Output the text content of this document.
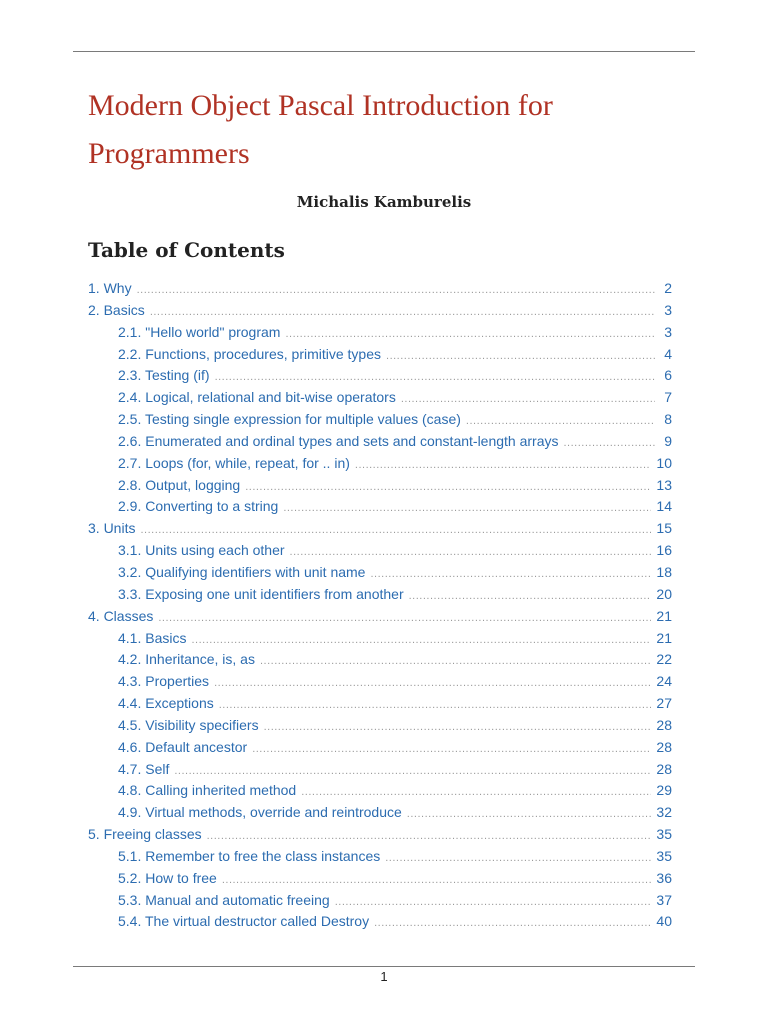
Modern Object Pascal Introduction for Programmers
Michalis Kamburelis
Table of Contents
1. Why .....	2
2. Basics .....	3
2.1. "Hello world" program .....	3
2.2. Functions, procedures, primitive types .....	4
2.3. Testing (if) .....	6
2.4. Logical, relational and bit-wise operators .....	7
2.5. Testing single expression for multiple values (case) .....	8
2.6. Enumerated and ordinal types and sets and constant-length arrays .....	9
2.7. Loops (for, while, repeat, for .. in) .....	10
2.8. Output, logging .....	13
2.9. Converting to a string .....	14
3. Units .....	15
3.1. Units using each other .....	16
3.2. Qualifying identifiers with unit name .....	18
3.3. Exposing one unit identifiers from another .....	20
4. Classes .....	21
4.1. Basics .....	21
4.2. Inheritance, is, as .....	22
4.3. Properties .....	24
4.4. Exceptions .....	27
4.5. Visibility specifiers .....	28
4.6. Default ancestor .....	28
4.7. Self .....	28
4.8. Calling inherited method .....	29
4.9. Virtual methods, override and reintroduce .....	32
5. Freeing classes .....	35
5.1. Remember to free the class instances .....	35
5.2. How to free .....	36
5.3. Manual and automatic freeing .....	37
5.4. The virtual destructor called Destroy .....	40
1
